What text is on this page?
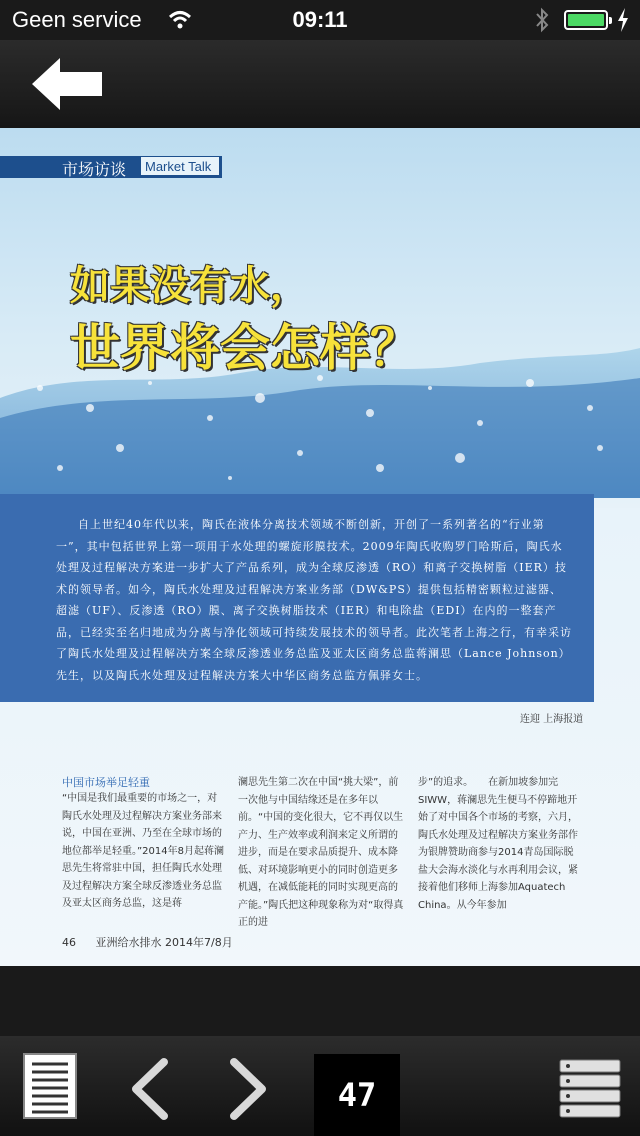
Geen service	09:11
市场访谈	Market Talk
如果没有水，
世界将会怎样？

自上世纪40年代以来，陶氏在液体分离技术领域不断创新，开创了一系列著名的“行业第一”，其中包括世界上第一项用于水处理的螺旋形膜技术。2009年陶氏收购罗门哈斯后，陶氏水处理及过程解决方案进一步扩大了产品系列，成为全球反渗透（RO）和离子交换树脂（IER）技术的领导者。如今，陶氏水处理及过程解决方案业务部（DW&PS）提供包括精密颗粒过滤器、超滤（UF）、反渗透（RO）膜、离子交换树脂技术（IER）和电除盐（EDI）在内的一整套产品，已经实至名归地成为分离与净化领域可持续发展技术的领导者。此次笔者上海之行，有幸采访了陶氏水处理及过程解决方案全球反渗透业务总监及亚太区商务总监蒋澜思（Lance Johnson）先生，以及陶氏水处理及过程解决方案大中华区商务总监方佩驿女士。

连迎 上海报道
中国市场举足轻重

“中国是我们最重要的市场之一，对陶氏水处理及过程解决方案业务部来说，中国在亚洲、乃至在全球市场的地位都举足轻重。”2014年8月起蒋澜思先生将常驻中国，担任陶氏水处理及过程解决方案全球反渗透业务总监及亚太区商务总监，这是蒋

澜思先生第二次在中国“挑大梁”，前一次他与中国结缘还是在多年以前。“中国的变化很大，它不再仅以生产力、生产效率或利润来定义所谓的进步，而是在要求品质提升、成本降低、对环境影响更小的同时创造更多机遇，在减低能耗的同时实现更高的产能。”陶氏把这种现象称为对“取得真正的进

步”的追求。　　在新加坡参加完SIWW，蒋澜思先生便马不停蹄地开始了对中国各个市场的考察，六月，陶氏水处理及过程解决方案业务部作为银牌赞助商参与2014青岛国际脱盐大会海水淡化与水再利用会议，紧接着他们移师上海参加Aquatech China。从今年参加

46 亚洲给水排水 2014年7/8月
47
